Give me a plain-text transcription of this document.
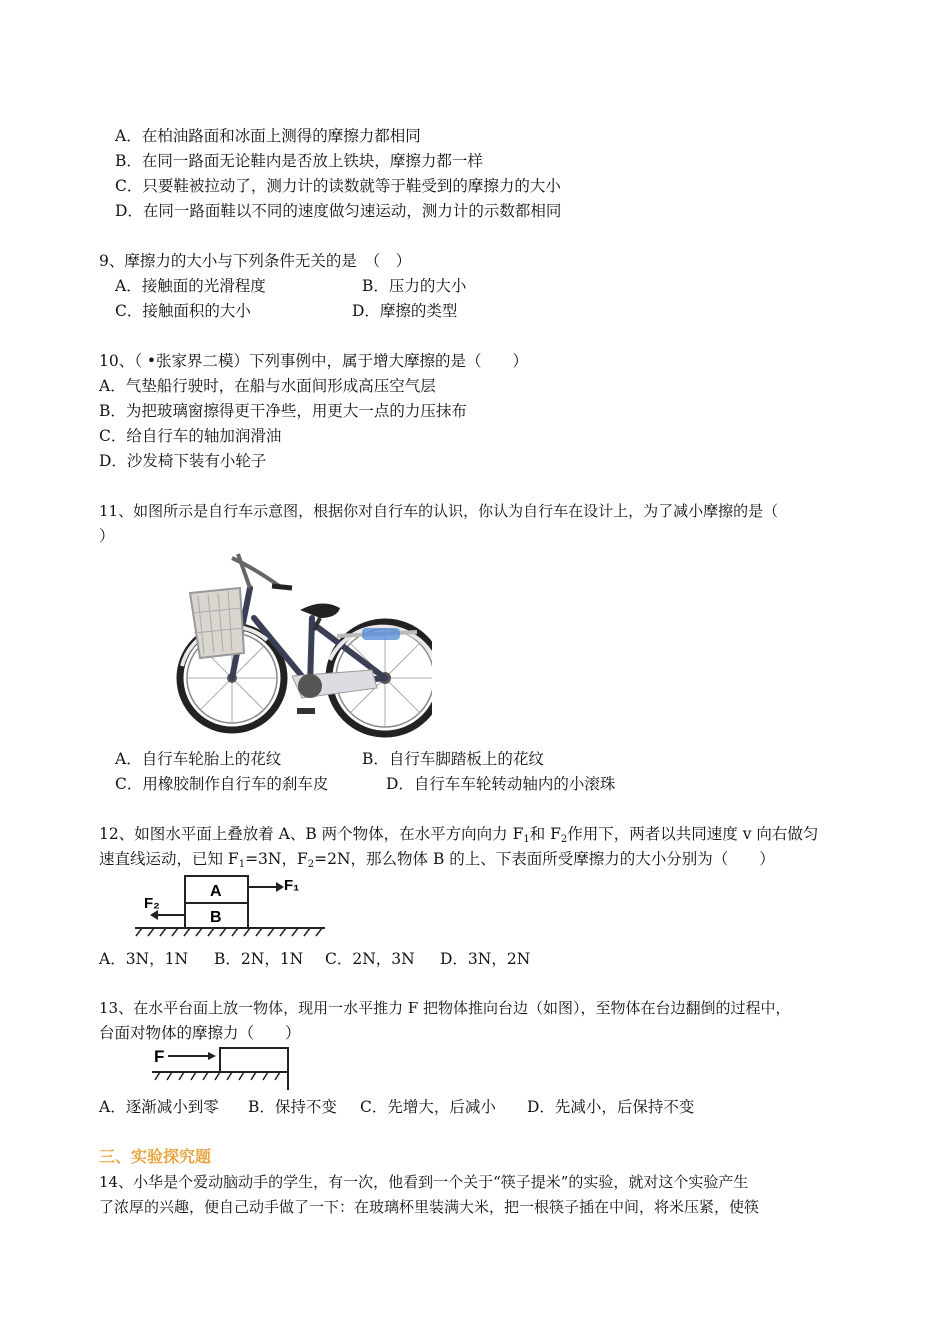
A．在柏油路面和冰面上测得的摩擦力都相同
B．在同一路面无论鞋内是否放上铁块，摩擦力都一样
C．只要鞋被拉动了，测力计的读数就等于鞋受到的摩擦力的大小
D．在同一路面鞋以不同的速度做匀速运动，测力计的示数都相同
9、摩擦力的大小与下列条件无关的是　（　）
A．接触面的光滑程度	B．压力的大小
C．接触面积的大小	D．摩擦的类型
10、（ •张家界二模）下列事例中，属于增大摩擦的是（　　）
A．气垫船行驶时，在船与水面间形成高压空气层
B．为把玻璃窗擦得更干净些，用更大一点的力压抹布
C．给自行车的轴加润滑油
D．沙发椅下装有小轮子
11、如图所示是自行车示意图，根据你对自行车的认识，你认为自行车在设计上，为了减小摩擦的是（
）
A．自行车轮胎上的花纹	B．自行车脚踏板上的花纹
C．用橡胶制作自行车的刹车皮	D．自行车车轮转动轴内的小滚珠
12、如图水平面上叠放着 A、B 两个物体，在水平方向向力 $F_1$和 $F_2$作用下，两者以共同速度 v 向右做匀
速直线运动，已知 $F_1=3N$，$F_2=2N$，那么物体 B 的上、下表面所受摩擦力的大小分别为（　　）
A
B
F₁
F₂
A．3N，1N B．2N，1N C．2N，3N D．3N，2N
13、在水平台面上放一物体，现用一水平推力 F 把物体推向台边（如图），至物体在台边翻倒的过程中，
台面对物体的摩擦力（　　）
F
A．逐渐减小到零 B．保持不变 C．先增大，后减小 D．先减小，后保持不变
三、实验探究题
14、小华是个爱动脑动手的学生，有一次，他看到一个关于“筷子提米”的实验，就对这个实验产生
了浓厚的兴趣，便自己动手做了一下：在玻璃杯里装满大米，把一根筷子插在中间，将米压紧，使筷
